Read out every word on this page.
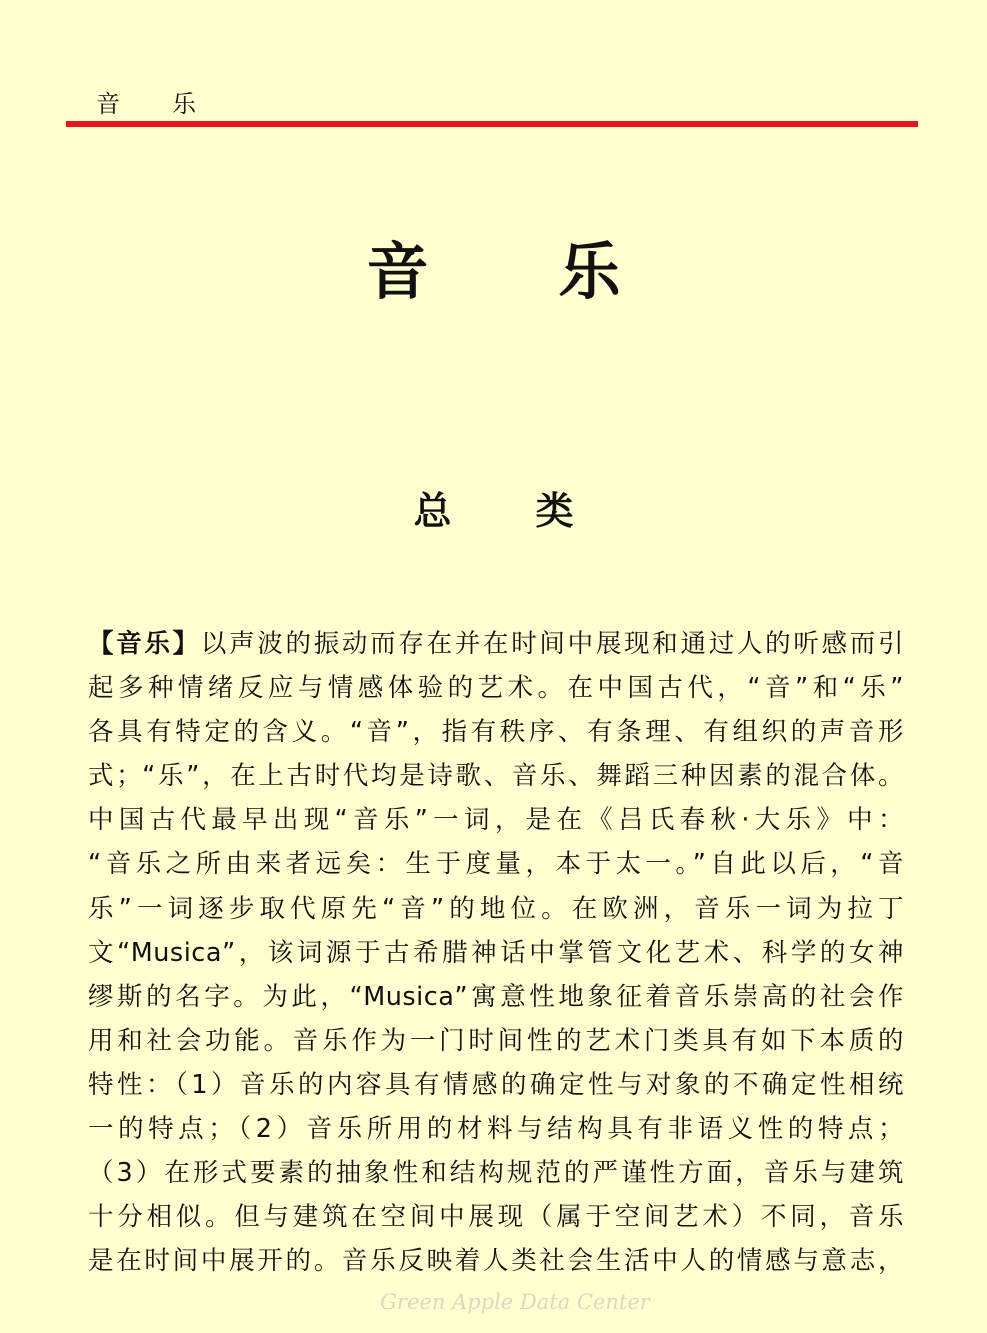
音 乐
音 乐
总 类
【音乐】以声波的振动而存在并在时间中展现和通过人的听感而引
起多种情绪反应与情感体验的艺术。在中国古代，“音”和“乐”
各具有特定的含义。“音”，指有秩序、有条理、有组织的声音形
式；“乐”，在上古时代均是诗歌、音乐、舞蹈三种因素的混合体。
中国古代最早出现“音乐”一词，是在《吕氏春秋·大乐》中：
“音乐之所由来者远矣：生于度量，本于太一。”自此以后，“音
乐”一词逐步取代原先“音”的地位。在欧洲，音乐一词为拉丁
文“Musica”，该词源于古希腊神话中掌管文化艺术、科学的女神
缪斯的名字。为此，“Musica”寓意性地象征着音乐崇高的社会作
用和社会功能。音乐作为一门时间性的艺术门类具有如下本质的
特性：（1）音乐的内容具有情感的确定性与对象的不确定性相统
一的特点；（2）音乐所用的材料与结构具有非语义性的特点；
（3）在形式要素的抽象性和结构规范的严谨性方面，音乐与建筑
十分相似。但与建筑在空间中展现（属于空间艺术）不同，音乐
是在时间中展开的。音乐反映着人类社会生活中人的情感与意志，
Green Apple Data Center
